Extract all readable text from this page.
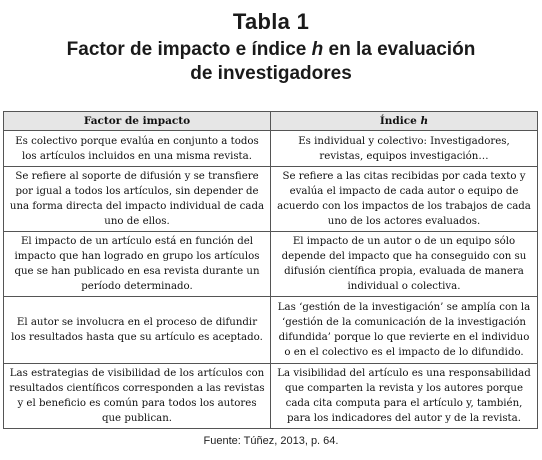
Tabla 1
Factor de impacto e índice h en la evaluación
de investigadores
Factor de impacto	Índice h
Es colectivo porque evalúa en conjunto a todos los artículos incluidos en una misma revista.	Es individual y colectivo: Investigadores, revistas, equipos investigación…
Se refiere al soporte de difusión y se transfiere por igual a todos los artículos, sin depender de una forma directa del impacto individual de cada uno de ellos.	Se refiere a las citas recibidas por cada texto y evalúa el impacto de cada autor o equipo de acuerdo con los impactos de los trabajos de cada uno de los actores evaluados.
El impacto de un artículo está en función del impacto que han logrado en grupo los artículos que se han publicado en esa revista durante un período determinado.	El impacto de un autor o de un equipo sólo depende del impacto que ha conseguido con su difusión científica propia, evaluada de manera individual o colectiva.
El autor se involucra en el proceso de difundir los resultados hasta que su artículo es aceptado.	Las ‘gestión de la investigación’ se amplía con la ‘gestión de la comunicación de la investigación difundida’ porque lo que revierte en el individuo o en el colectivo es el impacto de lo difundido.
Las estrategias de visibilidad de los artículos con resultados científicos corresponden a las revistas y el beneficio es común para todos los autores que publican.	La visibilidad del artículo es una responsabilidad que comparten la revista y los autores porque cada cita computa para el artículo y, también, para los indicadores del autor y de la revista.
Fuente: Túñez, 2013, p. 64.
